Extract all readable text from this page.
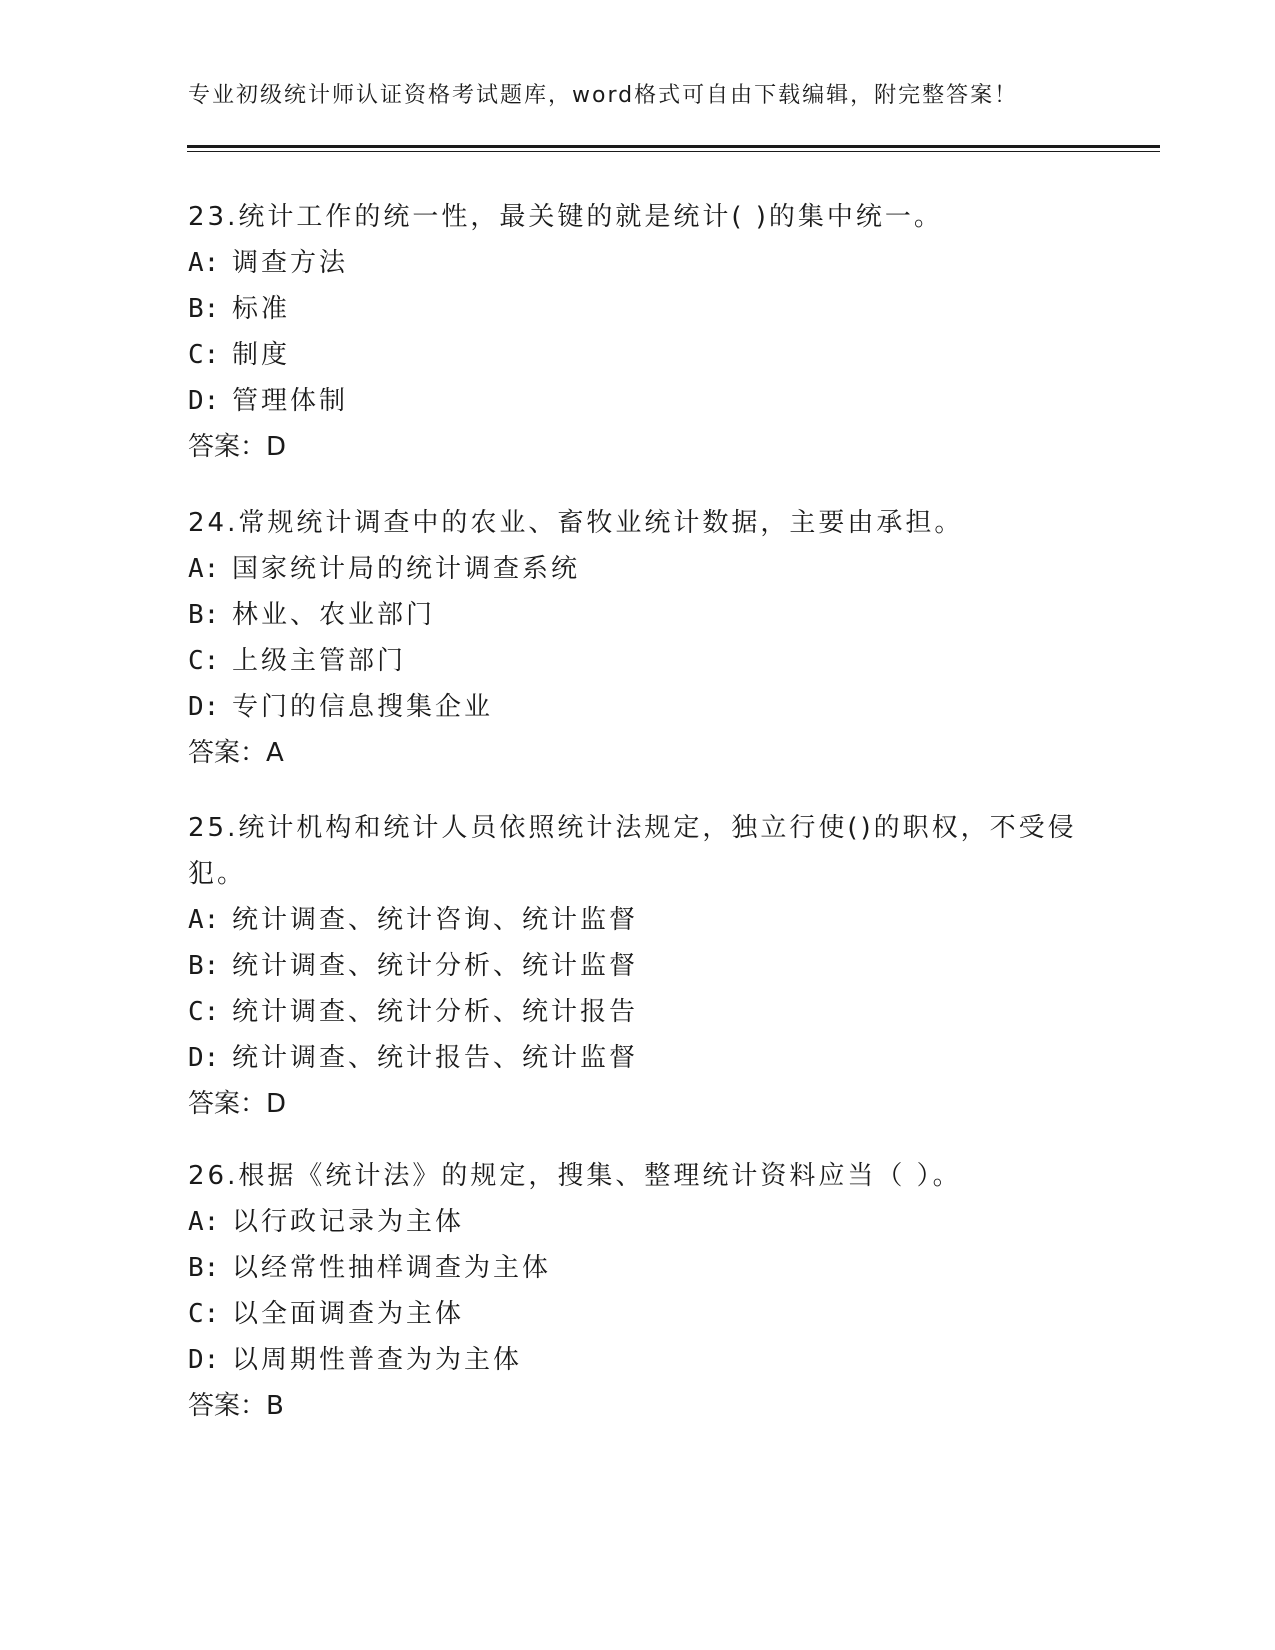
专业初级统计师认证资格考试题库，word格式可自由下载编辑，附完整答案！
23.统计工作的统一性，最关键的就是统计( )的集中统一。
A: 调查方法
B: 标准
C: 制度
D: 管理体制
答案：D
24.常规统计调查中的农业、畜牧业统计数据，主要由承担。
A: 国家统计局的统计调查系统
B: 林业、农业部门
C: 上级主管部门
D: 专门的信息搜集企业
答案：A
25.统计机构和统计人员依照统计法规定，独立行使()的职权，不受侵犯。
A: 统计调查、统计咨询、统计监督
B: 统计调查、统计分析、统计监督
C: 统计调查、统计分析、统计报告
D: 统计调查、统计报告、统计监督
答案：D
26.根据《统计法》的规定，搜集、整理统计资料应当（ ）。
A: 以行政记录为主体
B: 以经常性抽样调查为主体
C: 以全面调查为主体
D: 以周期性普查为为主体
答案：B
